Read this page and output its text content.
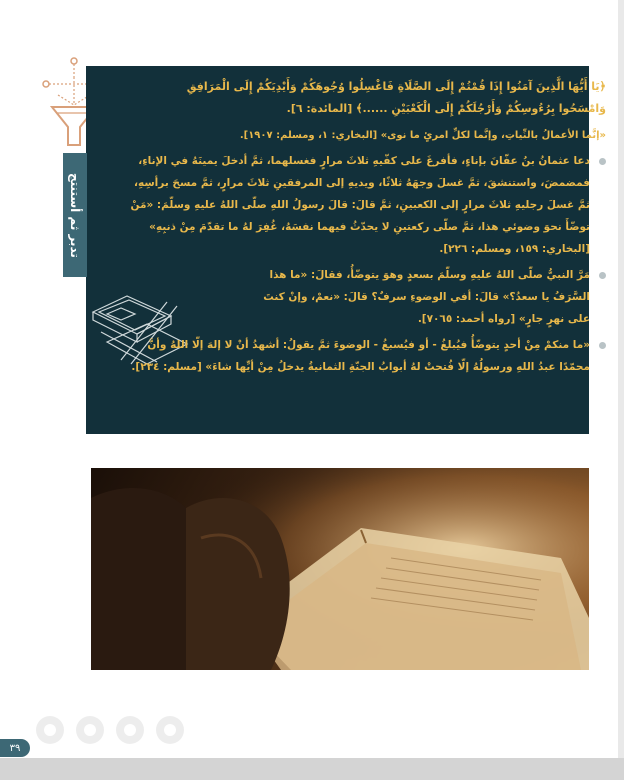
تدبر ثم أستنتج
﴿يَا أَيُّهَا الَّذِينَ آمَنُوا إِذَا قُمْتُمْ إِلَى الصَّلَاةِ فَاغْسِلُوا وُجُوهَكُمْ وَأَيْدِيَكُمْ إِلَى الْمَرَافِقِ وَامْسَحُوا بِرُءُوسِكُمْ وَأَرْجُلَكُمْ إِلَى الْكَعْبَيْنِ ......﴾ [المائدة: ٦].
«إنَّما الأعمالُ بالنِّياتِ، وإنَّما لكلِّ امرئٍ ما نوى» [البخاري: ١، ومسلم: ١٩٠٧].
دعا عثمانُ بنُ عفّانَ بإناءٍ، فأفرغَ على كفّيهِ ثلاثَ مرارٍ فغسلهما، ثمَّ أدخلَ يمينَهُ في الإناءِ، فمضمضَ، واستنشقَ، ثمَّ غسلَ وجهَهُ ثلاثًا، ويديهِ إلى المرفقينِ ثلاثَ مرارٍ، ثمَّ مسحَ برأسِهِ، ثمَّ غسلَ رجليهِ ثلاثَ مرارٍ إلى الكعبينِ، ثمَّ قالَ: قالَ رسولُ اللهِ صلّى اللهُ عليهِ وسلّمَ: «مَنْ توضّأَ نحوَ وضوئي هذا، ثمَّ صلّى ركعتينِ لا يحدّثُ فيهما نفسَهُ، غُفِرَ لهُ ما تقدّمَ مِنْ ذنبِهِ» [البخاري: ١٥٩، ومسلم: ٢٢٦].
مَرَّ النبيُّ صلّى اللهُ عليهِ وسلّمَ بسعدٍ وهوَ يتوضّأُ، فقالَ: «ما هذا السَّرَفُ يا سعدُ؟» قالَ: أفي الوضوءِ سرفٌ؟ قالَ: «نعمْ، وإنْ كنتَ على نهرٍ جارٍ» [رواه أحمد: ٧٠٦٥].
«ما منكمْ مِنْ أحدٍ يتوضّأُ فيُبلغُ - أو فيُسبغُ - الوضوءَ ثمَّ يقولُ: أشهدُ أنْ لا إلهَ إلّا اللهُ وأنَّ محمّدًا عبدُ اللهِ ورسولُهُ إلّا فُتحتْ لهُ أبوابُ الجنّةِ الثمانيةُ يدخلُ مِنْ أيِّها شاءَ» [مسلم: ٢٣٤].
٣٩
